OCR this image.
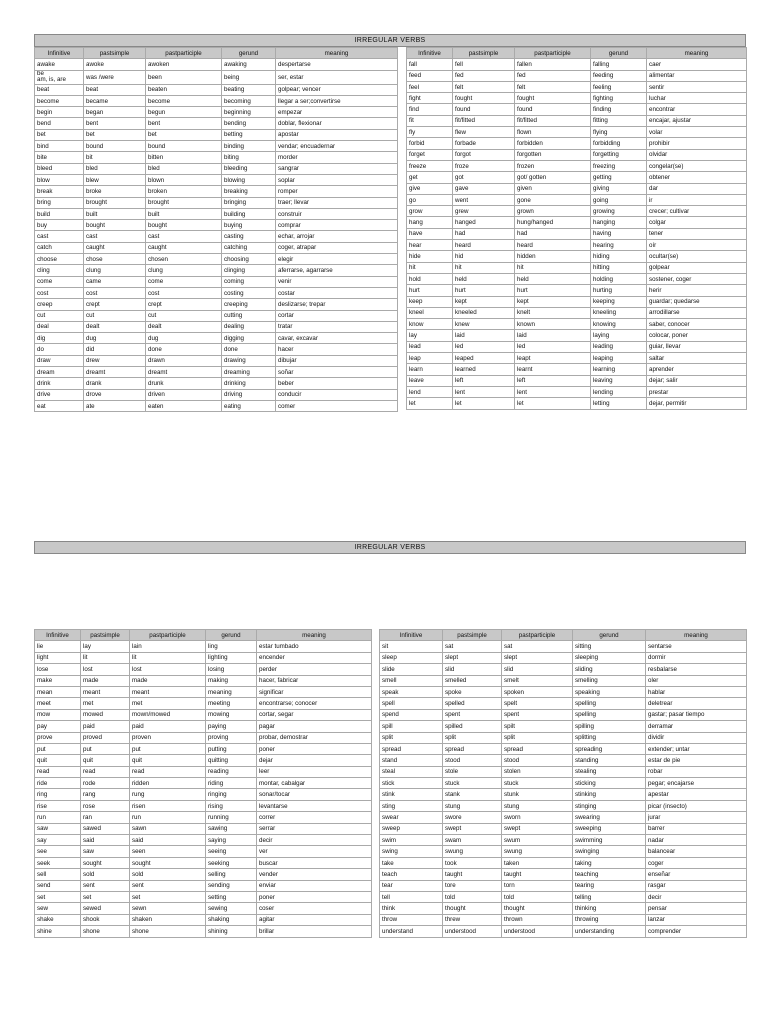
IRREGULAR VERBS
Infinitive	pastsimple	pastparticiple	gerund	meaning
awake	awoke	awoken	awaking	despertarse
be
am, is, are	was /were	been	being	ser, estar
beat	beat	beaten	beating	golpear; vencer
become	became	become	becoming	llegar a ser;convertirse
begin	began	begun	beginning	empezar
bend	bent	bent	bending	doblar, flexionar
bet	bet	bet	betting	apostar
bind	bound	bound	binding	vendar; encuadernar
bite	bit	bitten	biting	morder
bleed	bled	bled	bleeding	sangrar
blow	blew	blown	blowing	soplar
break	broke	broken	breaking	romper
bring	brought	brought	bringing	traer; llevar
build	built	built	building	construir
buy	bought	bought	buying	comprar
cast	cast	cast	casting	echar, arrojar
catch	caught	caught	catching	coger, atrapar
choose	chose	chosen	choosing	elegir
cling	clung	clung	clinging	aferrarse, agarrarse
come	came	come	coming	venir
cost	cost	cost	costing	costar
creep	crept	crept	creeping	deslizarse; trepar
cut	cut	cut	cutting	cortar
deal	dealt	dealt	dealing	tratar
dig	dug	dug	digging	cavar, excavar
do	did	done	done	hacer
draw	drew	drawn	drawing	dibujar
dream	dreamt	dreamt	dreaming	soñar
drink	drank	drunk	drinking	beber
drive	drove	driven	driving	conducir
eat	ate	eaten	eating	comer
Infinitive	pastsimple	pastparticiple	gerund	meaning
fall	fell	fallen	falling	caer
feed	fed	fed	feeding	alimentar
feel	felt	felt	feeling	sentir
fight	fought	fought	fighting	luchar
find	found	found	finding	encontrar
fit	fit/fitted	fit/fitted	fitting	encajar, ajustar
fly	flew	flown	flying	volar
forbid	forbade	forbidden	forbidding	prohibir
forget	forgot	forgotten	forgetting	olvidar
freeze	froze	frozen	freezing	congelar(se)
get	got	got/ gotten	getting	obtener
give	gave	given	giving	dar
go	went	gone	going	ir
grow	grew	grown	growing	crecer; cultivar
hang	hanged	hung/hanged	hanging	colgar
have	had	had	having	tener
hear	heard	heard	hearing	oír
hide	hid	hidden	hiding	ocultar(se)
hit	hit	hit	hitting	golpear
hold	held	held	holding	sostener, coger
hurt	hurt	hurt	hurting	herir
keep	kept	kept	keeping	guardar; quedarse
kneel	kneeled	knelt	kneeling	arrodillarse
know	knew	known	knowing	saber, conocer
lay	laid	laid	laying	colocar, poner
lead	led	led	leading	guiar, llevar
leap	leaped	leapt	leaping	saltar
learn	learned	learnt	learning	aprender
leave	left	left	leaving	dejar; salir
lend	lent	lent	lending	prestar
let	let	let	letting	dejar, permitir
IRREGULAR VERBS
Infinitive	pastsimple	pastparticiple	gerund	meaning
lie	lay	lain	ling	estar tumbado
light	lit	lit	lighting	encender
lose	lost	lost	losing	perder
make	made	made	making	hacer, fabricar
mean	meant	meant	meaning	significar
meet	met	met	meeting	encontrarse; conocer
mow	mowed	mown/mowed	mowing	cortar, segar
pay	paid	paid	paying	pagar
prove	proved	proven	proving	probar, demostrar
put	put	put	putting	poner
quit	quit	quit	quitting	dejar
read	read	read	reading	leer
ride	rode	ridden	riding	montar, cabalgar
ring	rang	rung	ringing	sonar/tocar
rise	rose	risen	rising	levantarse
run	ran	run	running	correr
saw	sawed	sawn	sawing	serrar
say	said	said	saying	decir
see	saw	seen	seeing	ver
seek	sought	sought	seeking	buscar
sell	sold	sold	selling	vender
send	sent	sent	sending	enviar
set	set	set	setting	poner
sew	sewed	sewn	sewing	coser
shake	shook	shaken	shaking	agitar
shine	shone	shone	shining	brillar
Infinitive	pastsimple	pastparticiple	gerund	meaning
sit	sat	sat	sitting	sentarse
sleep	slept	slept	sleeping	dormir
slide	slid	slid	sliding	resbalarse
smell	smelled	smelt	smelling	oler
speak	spoke	spoken	speaking	hablar
spell	spelled	spelt	spelling	deletrear
spend	spent	spent	spelling	gastar; pasar tiempo
spill	spilled	spilt	spilling	derramar
split	split	split	splitting	dividir
spread	spread	spread	spreading	extender; untar
stand	stood	stood	standing	estar de pie
steal	stole	stolen	stealing	robar
stick	stuck	stuck	sticking	pegar; encajarse
stink	stank	stunk	stinking	apestar
sting	stung	stung	stinging	picar (insecto)
swear	swore	sworn	swearing	jurar
sweep	swept	swept	sweeping	barrer
swim	swam	swum	swimming	nadar
swing	swung	swung	swinging	balancear
take	took	taken	taking	coger
teach	taught	taught	teaching	enseñar
tear	tore	torn	tearing	rasgar
tell	told	told	telling	decir
think	thought	thought	thinking	pensar
throw	threw	thrown	throwing	lanzar
understand	understood	understood	understanding	comprender
